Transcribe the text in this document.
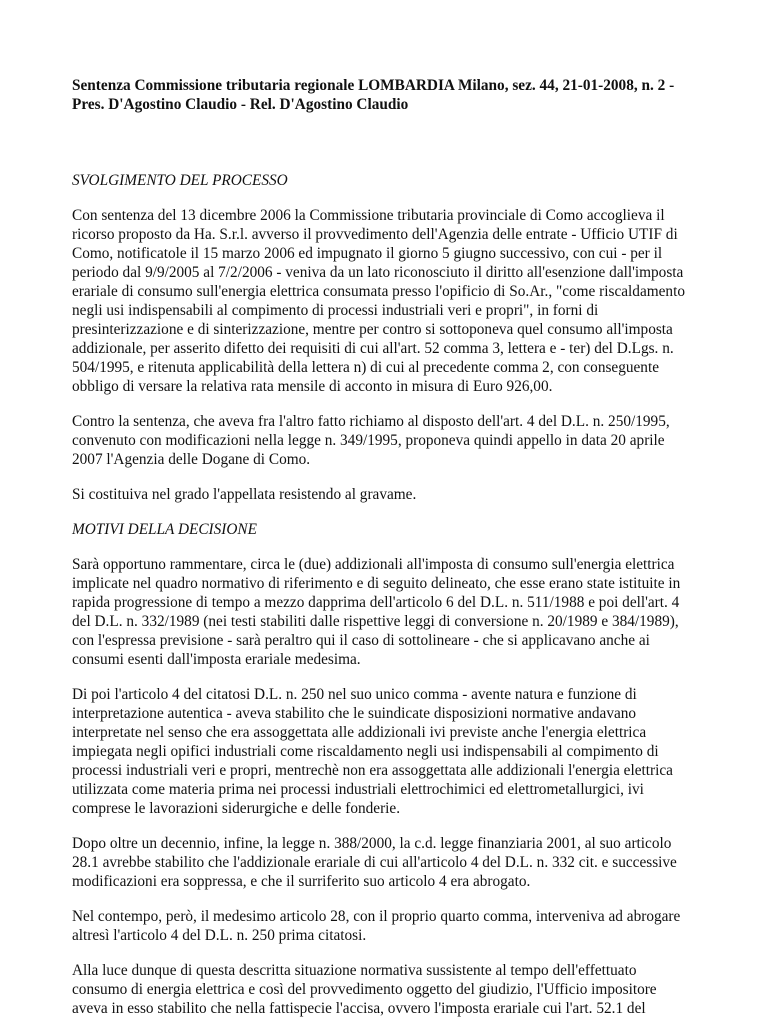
Sentenza Commissione tributaria regionale LOMBARDIA Milano, sez. 44, 21-01-2008, n. 2 -
Pres. D'Agostino Claudio - Rel. D'Agostino Claudio

SVOLGIMENTO DEL PROCESSO

Con sentenza del 13 dicembre 2006 la Commissione tributaria provinciale di Como accoglieva il
ricorso proposto da Ha. S.r.l. avverso il provvedimento dell'Agenzia delle entrate - Ufficio UTIF di
Como, notificatole il 15 marzo 2006 ed impugnato il giorno 5 giugno successivo, con cui - per il
periodo dal 9/9/2005 al 7/2/2006 - veniva da un lato riconosciuto il diritto all'esenzione dall'imposta
erariale di consumo sull'energia elettrica consumata presso l'opificio di So.Ar., "come riscaldamento
negli usi indispensabili al compimento di processi industriali veri e propri", in forni di
presinterizzazione e di sinterizzazione, mentre per contro si sottoponeva quel consumo all'imposta
addizionale, per asserito difetto dei requisiti di cui all'art. 52 comma 3, lettera e - ter) del D.Lgs. n.
504/1995, e ritenuta applicabilità della lettera n) di cui al precedente comma 2, con conseguente
obbligo di versare la relativa rata mensile di acconto in misura di Euro 926,00.

Contro la sentenza, che aveva fra l'altro fatto richiamo al disposto dell'art. 4 del D.L. n. 250/1995,
convenuto con modificazioni nella legge n. 349/1995, proponeva quindi appello in data 20 aprile
2007 l'Agenzia delle Dogane di Como.

Si costituiva nel grado l'appellata resistendo al gravame.

MOTIVI DELLA DECISIONE

Sarà opportuno rammentare, circa le (due) addizionali all'imposta di consumo sull'energia elettrica
implicate nel quadro normativo di riferimento e di seguito delineato, che esse erano state istituite in
rapida progressione di tempo a mezzo dapprima dell'articolo 6 del D.L. n. 511/1988 e poi dell'art. 4
del D.L. n. 332/1989 (nei testi stabiliti dalle rispettive leggi di conversione n. 20/1989 e 384/1989),
con l'espressa previsione - sarà peraltro qui il caso di sottolineare - che si applicavano anche ai
consumi esenti dall'imposta erariale medesima.

Di poi l'articolo 4 del citatosi D.L. n. 250 nel suo unico comma - avente natura e funzione di
interpretazione autentica - aveva stabilito che le suindicate disposizioni normative andavano
interpretate nel senso che era assoggettata alle addizionali ivi previste anche l'energia elettrica
impiegata negli opifici industriali come riscaldamento negli usi indispensabili al compimento di
processi industriali veri e propri, mentrechè non era assoggettata alle addizionali l'energia elettrica
utilizzata come materia prima nei processi industriali elettrochimici ed elettrometallurgici, ivi
comprese le lavorazioni siderurgiche e delle fonderie.

Dopo oltre un decennio, infine, la legge n. 388/2000, la c.d. legge finanziaria 2001, al suo articolo
28.1 avrebbe stabilito che l'addizionale erariale di cui all'articolo 4 del D.L. n. 332 cit. e successive
modificazioni era soppressa, e che il surriferito suo articolo 4 era abrogato.

Nel contempo, però, il medesimo articolo 28, con il proprio quarto comma, interveniva ad abrogare
altresì l'articolo 4 del D.L. n. 250 prima citatosi.

Alla luce dunque di questa descritta situazione normativa sussistente al tempo dell'effettuato
consumo di energia elettrica e così del provvedimento oggetto del giudizio, l'Ufficio impositore
aveva in esso stabilito che nella fattispecie l'accisa, ovvero l'imposta erariale cui l'art. 52.1 del
